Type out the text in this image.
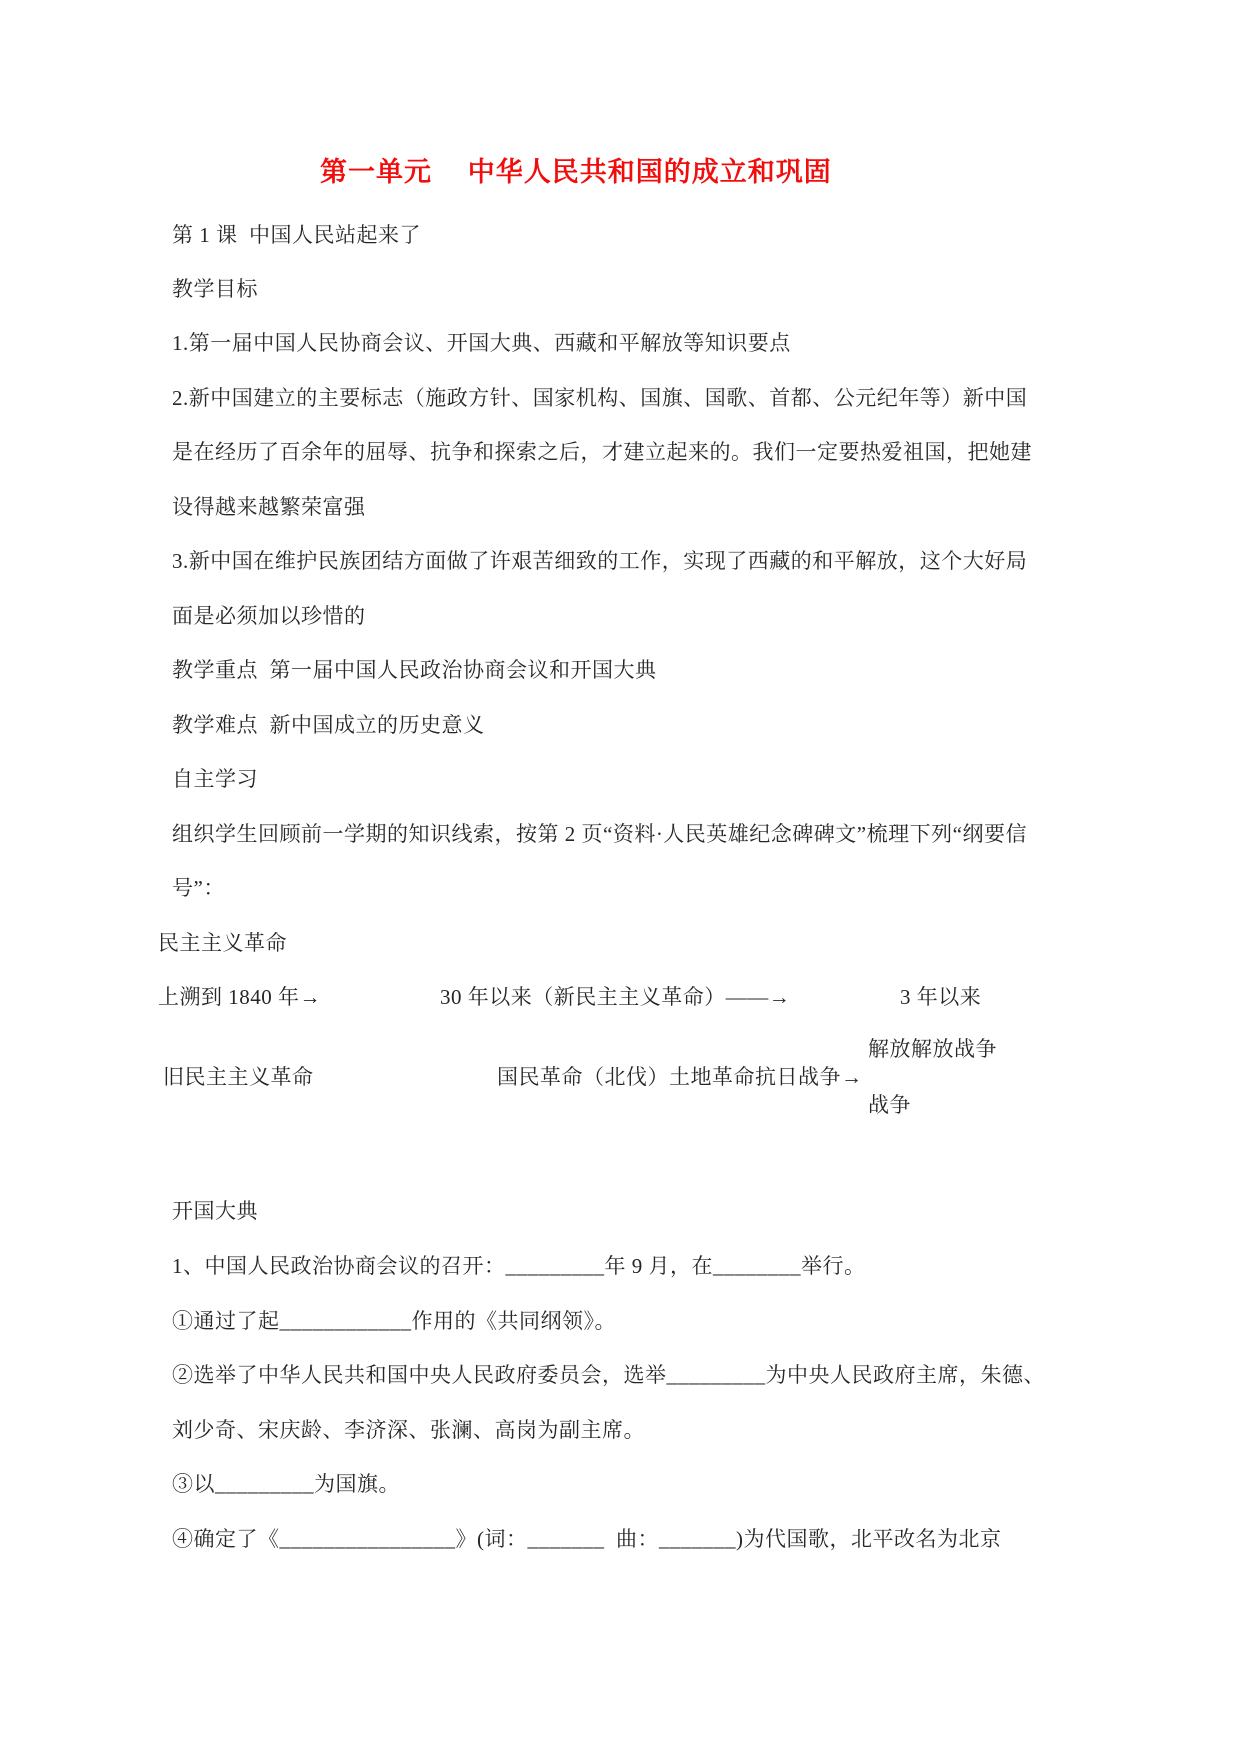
第一单元　 中华人民共和国的成立和巩固
第 1 课  中国人民站起来了
教学目标
1.第一届中国人民协商会议、开国大典、西藏和平解放等知识要点
2.新中国建立的主要标志（施政方针、国家机构、国旗、国歌、首都、公元纪年等）新中国
是在经历了百余年的屈辱、抗争和探索之后，才建立起来的。我们一定要热爱祖国，把她建
设得越来越繁荣富强
3.新中国在维护民族团结方面做了许艰苦细致的工作，实现了西藏的和平解放，这个大好局
面是必须加以珍惜的
教学重点  第一届中国人民政治协商会议和开国大典
教学难点  新中国成立的历史意义
自主学习
组织学生回顾前一学期的知识线索，按第 2 页“资料·人民英雄纪念碑碑文”梳理下列“纲要信
号”：
民主主义革命
上溯到 1840 年→	30 年以来（新民主主义革命）——→	3 年以来
解放解放战争
旧民主主义革命	国民革命（北伐）土地革命抗日战争→
战争
开国大典
1、中国人民政治协商会议的召开：_________年 9 月，在________举行。
①通过了起____________作用的《共同纲领》。
②选举了中华人民共和国中央人民政府委员会，选举_________为中央人民政府主席，朱德、
刘少奇、宋庆龄、李济深、张澜、高岗为副主席。
③以_________为国旗。
④确定了《________________》(词：_______  曲：_______)为代国歌，北平改名为北京
